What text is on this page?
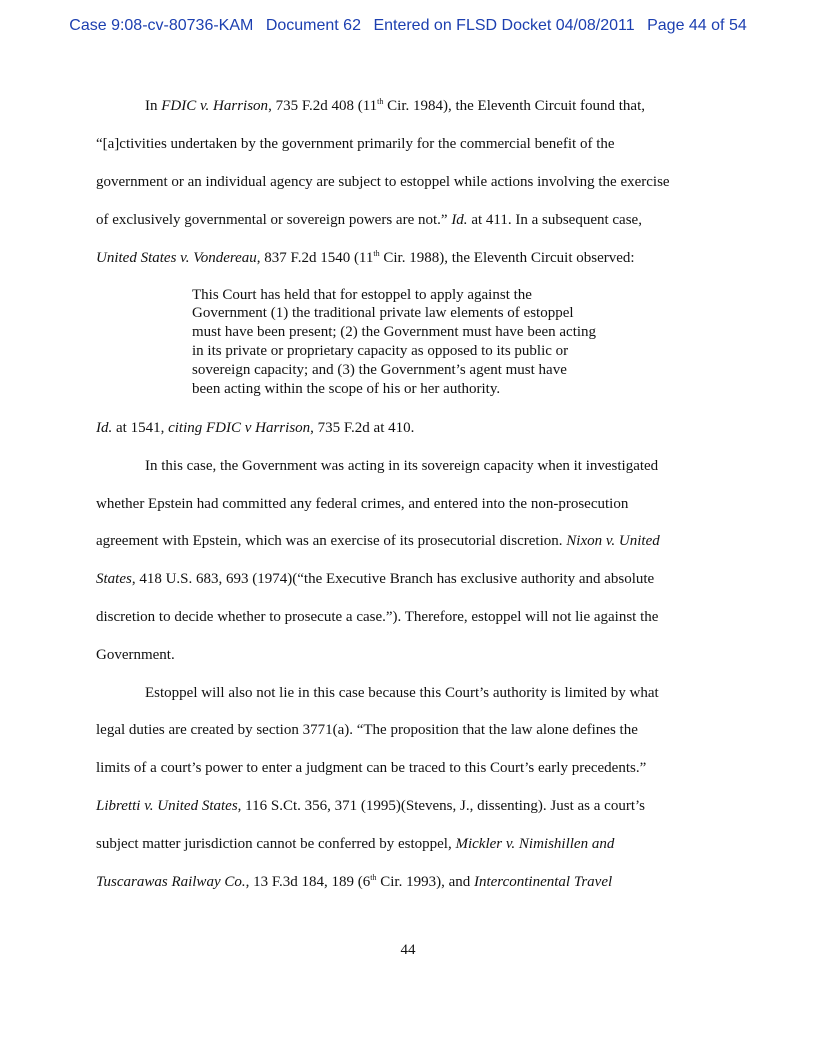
Case 9:08-cv-80736-KAM Document 62 Entered on FLSD Docket 04/08/2011 Page 44 of 54
In FDIC v. Harrison, 735 F.2d 408 (11th Cir. 1984), the Eleventh Circuit found that,
“[a]ctivities undertaken by the government primarily for the commercial benefit of the
government or an individual agency are subject to estoppel while actions involving the exercise
of exclusively governmental or sovereign powers are not.” Id. at 411. In a subsequent case,
United States v. Vondereau, 837 F.2d 1540 (11th Cir. 1988), the Eleventh Circuit observed:
This Court has held that for estoppel to apply against the
Government (1) the traditional private law elements of estoppel
must have been present; (2) the Government must have been acting
in its private or proprietary capacity as opposed to its public or
sovereign capacity; and (3) the Government’s agent must have
been acting within the scope of his or her authority.
Id. at 1541, citing FDIC v Harrison, 735 F.2d at 410.
In this case, the Government was acting in its sovereign capacity when it investigated
whether Epstein had committed any federal crimes, and entered into the non-prosecution
agreement with Epstein, which was an exercise of its prosecutorial discretion. Nixon v. United
States, 418 U.S. 683, 693 (1974)(“the Executive Branch has exclusive authority and absolute
discretion to decide whether to prosecute a case.”). Therefore, estoppel will not lie against the
Government.
Estoppel will also not lie in this case because this Court’s authority is limited by what
legal duties are created by section 3771(a). “The proposition that the law alone defines the
limits of a court’s power to enter a judgment can be traced to this Court’s early precedents.”
Libretti v. United States, 116 S.Ct. 356, 371 (1995)(Stevens, J., dissenting). Just as a court’s
subject matter jurisdiction cannot be conferred by estoppel, Mickler v. Nimishillen and
Tuscarawas Railway Co., 13 F.3d 184, 189 (6th Cir. 1993), and Intercontinental Travel
44
